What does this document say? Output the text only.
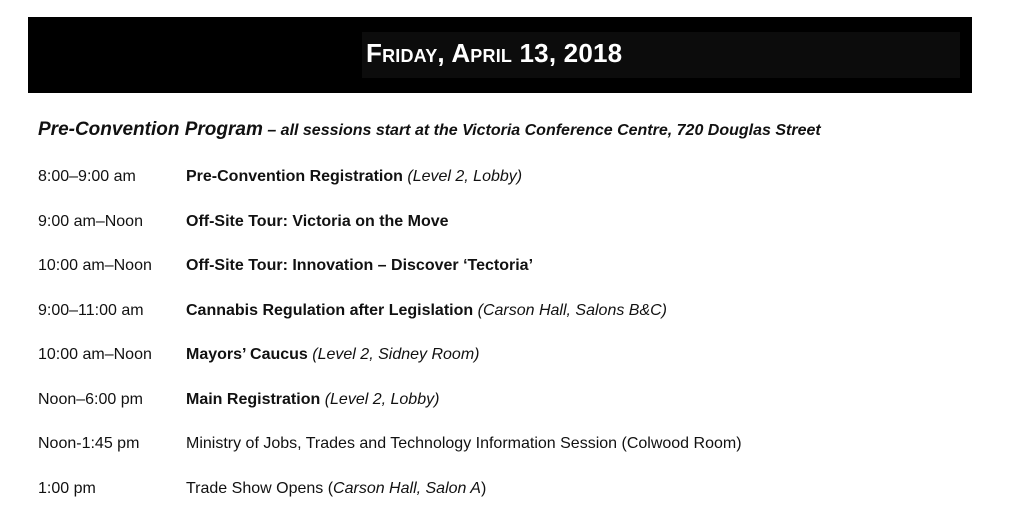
Friday, April 13, 2018
Pre-Convention Program – all sessions start at the Victoria Conference Centre, 720 Douglas Street
8:00–9:00 am	Pre-Convention Registration (Level 2, Lobby)
9:00 am–Noon	Off-Site Tour: Victoria on the Move
10:00 am–Noon Off-Site Tour: Innovation – Discover ‘Tectoria’
9:00–11:00 am	Cannabis Regulation after Legislation (Carson Hall, Salons B&C)
10:00 am–Noon Mayors’ Caucus (Level 2, Sidney Room)
Noon–6:00 pm	Main Registration (Level 2, Lobby)
Noon-1:45 pm	Ministry of Jobs, Trades and Technology Information Session (Colwood Room)
1:00 pm	Trade Show Opens (Carson Hall, Salon A)
